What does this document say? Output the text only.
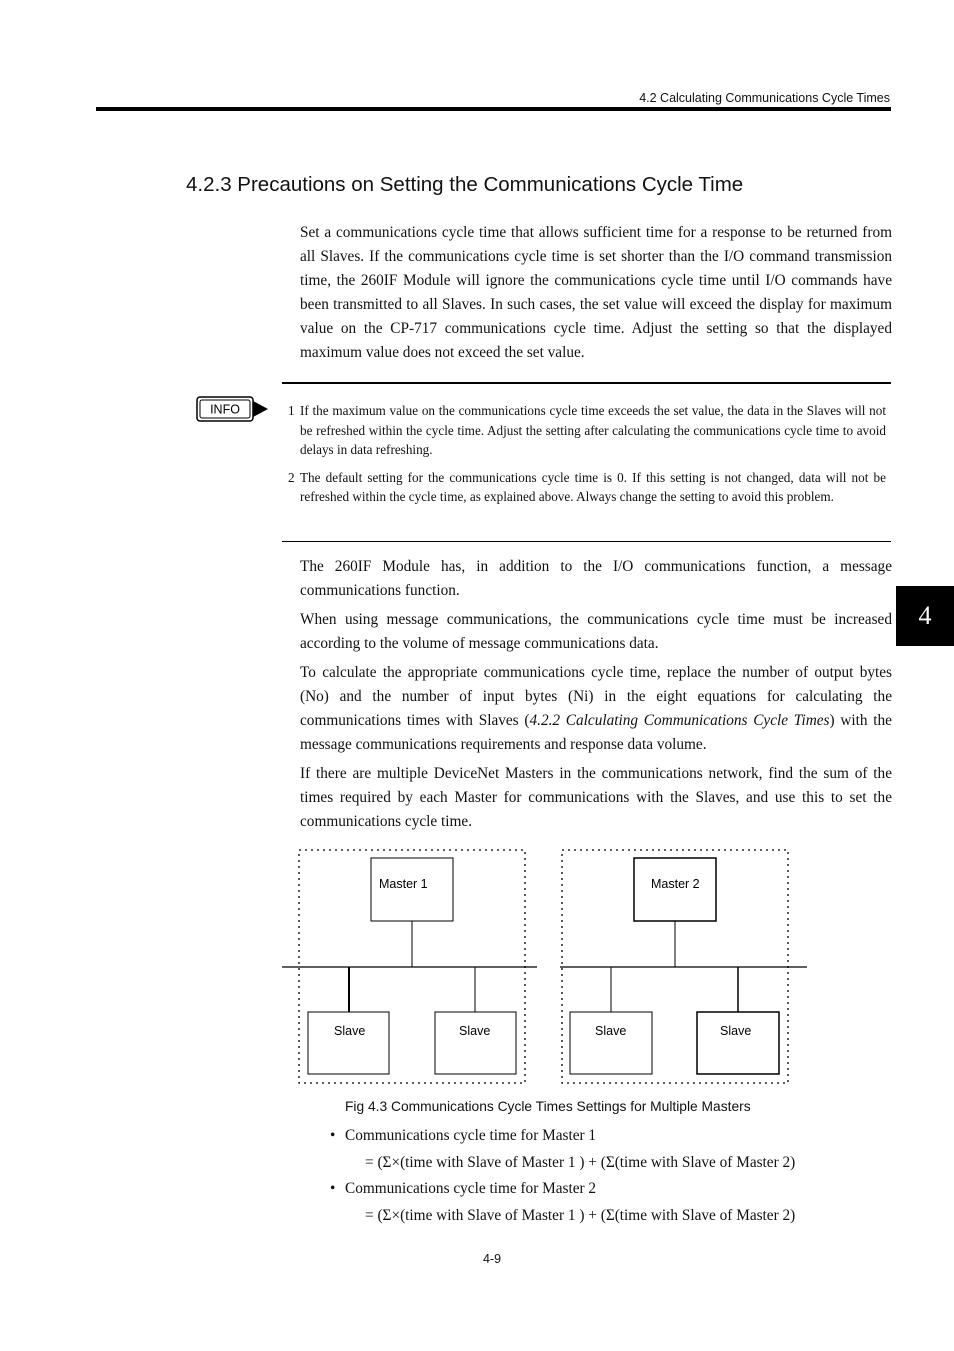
4.2 Calculating Communications Cycle Times
4.2.3 Precautions on Setting the Communications Cycle Time

Set a communications cycle time that allows sufficient time for a response to be returned from all Slaves. If the communications cycle time is set shorter than the I/O command transmission time, the 260IF Module will ignore the communications cycle time until I/O commands have been transmitted to all Slaves. In such cases, the set value will exceed the display for maximum value on the CP-717 communications cycle time. Adjust the setting so that the displayed maximum value does not exceed the set value.

INFO	1 If the maximum value on the communications cycle time exceeds the set value, the data in the Slaves will not be refreshed within the cycle time. Adjust the setting after calculating the communications cycle time to avoid delays in data refreshing.
2 The default setting for the communications cycle time is 0. If this setting is not changed, data will not be refreshed within the cycle time, as explained above. Always change the setting to avoid this problem.

The 260IF Module has, in addition to the I/O communications function, a message communications function.

When using message communications, the communications cycle time must be increased according to the volume of message communications data.

To calculate the appropriate communications cycle time, replace the number of output bytes (No) and the number of input bytes (Ni) in the eight equations for calculating the communications times with Slaves (4.2.2 Calculating Communications Cycle Times) with the message communications requirements and response data volume.

If there are multiple DeviceNet Masters in the communications network, find the sum of the times required by each Master for communications with the Slaves, and use this to set the communications cycle time.

4
Master 1	Master 2
Slave	Slave	Slave	Slave
Fig 4.3 Communications Cycle Times Settings for Multiple Masters
• Communications cycle time for Master 1
= (Σ×(time with Slave of Master 1 ) + (Σ(time with Slave of Master 2)
• Communications cycle time for Master 2
= (Σ×(time with Slave of Master 1 ) + (Σ(time with Slave of Master 2)
4-9
